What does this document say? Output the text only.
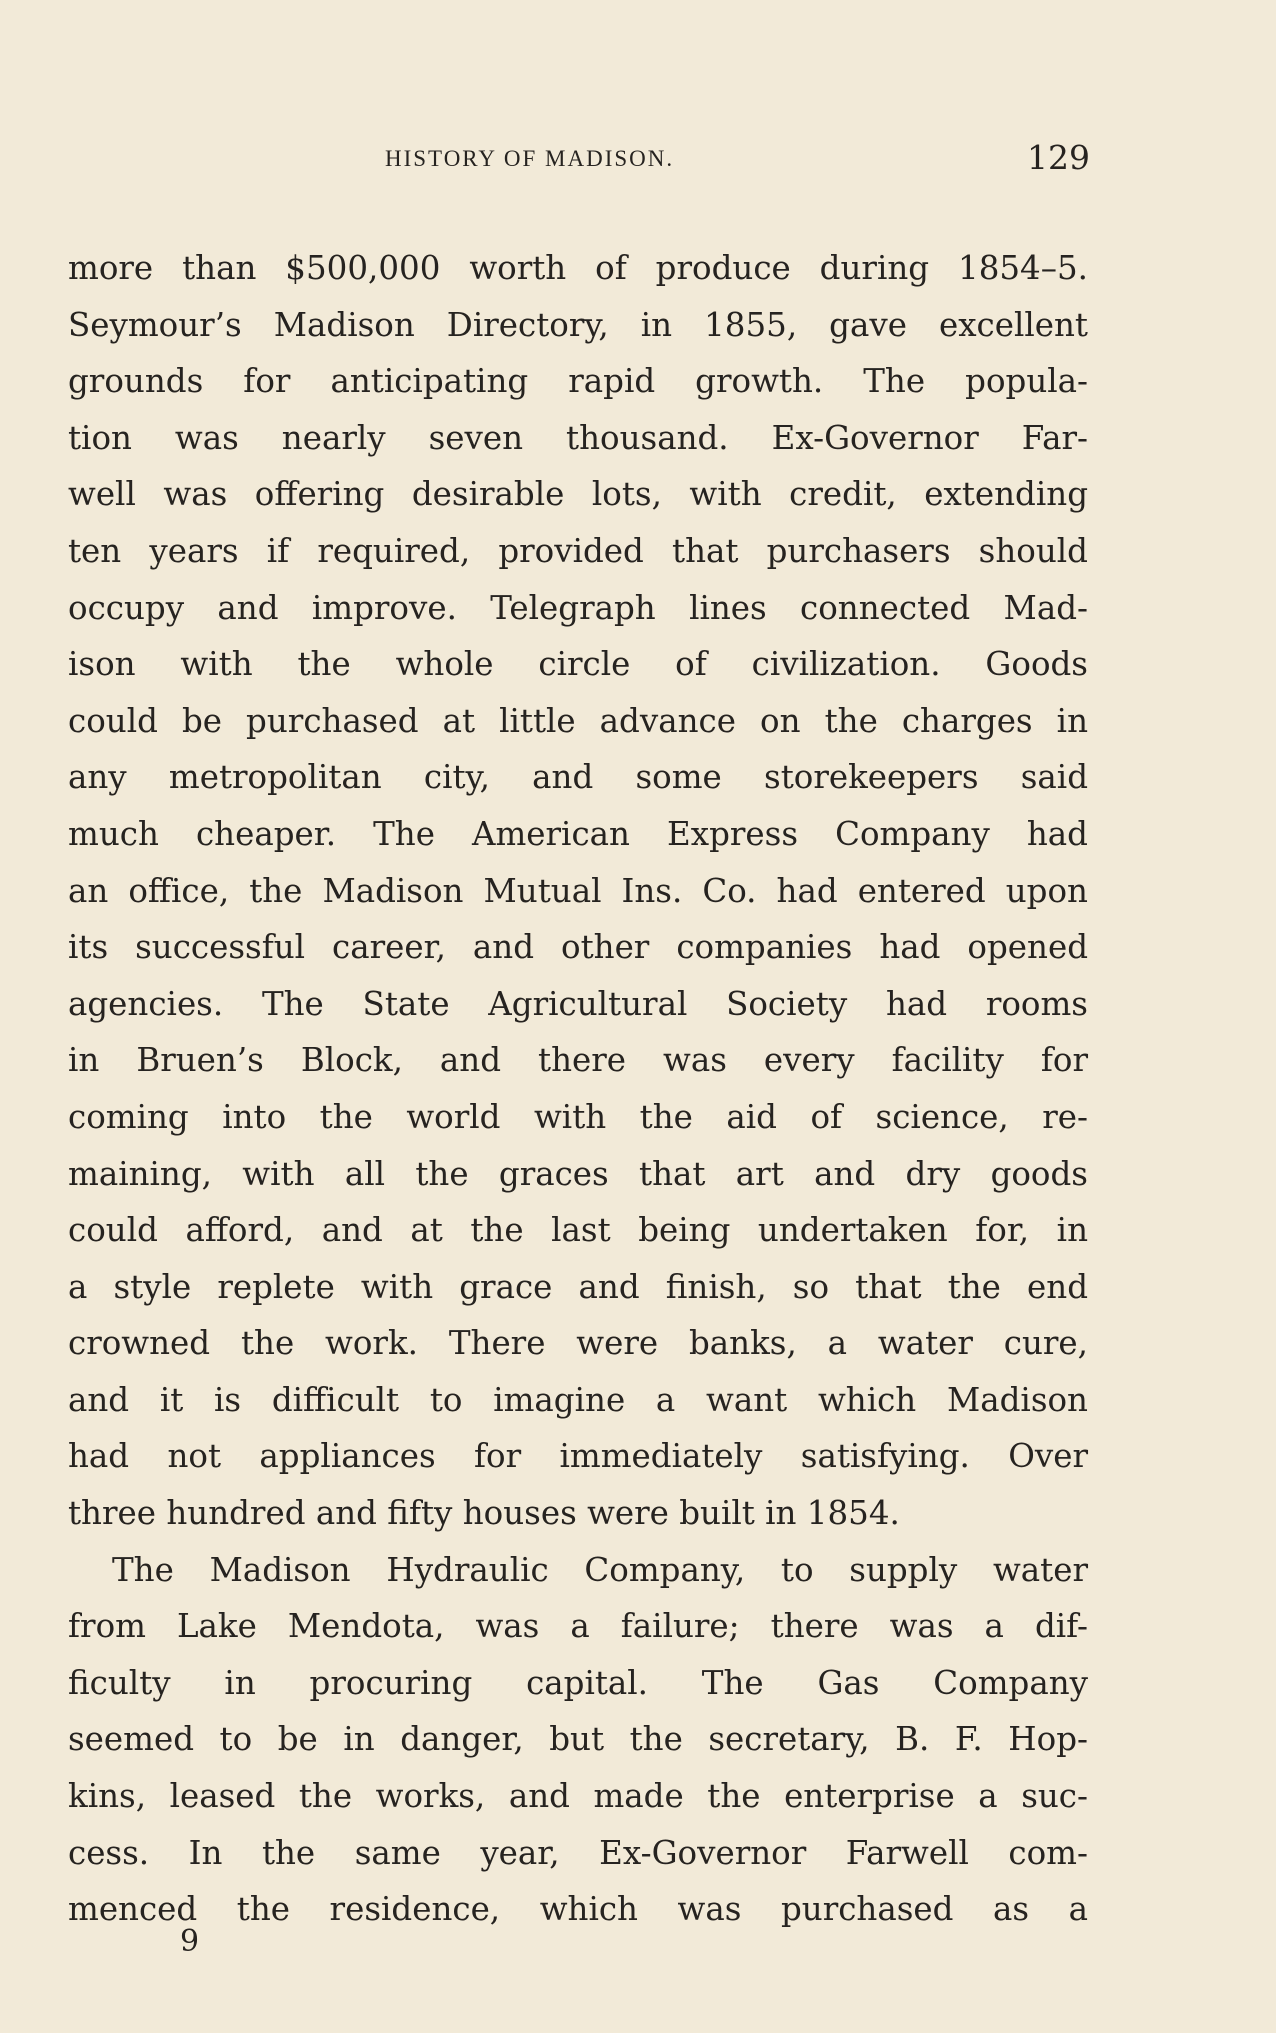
HISTORY OF MADISON.	129
more than $500,000 worth of produce during 1854–5.
Seymour’s Madison Directory, in 1855, gave excellent
grounds for anticipating rapid growth. The popula-
tion was nearly seven thousand. Ex-Governor Far-
well was offering desirable lots, with credit, extending
ten years if required, provided that purchasers should
occupy and improve. Telegraph lines connected Mad-
ison with the whole circle of civilization. Goods
could be purchased at little advance on the charges in
any metropolitan city, and some storekeepers said
much cheaper. The American Express Company had
an office, the Madison Mutual Ins. Co. had entered upon
its successful career, and other companies had opened
agencies. The State Agricultural Society had rooms
in Bruen’s Block, and there was every facility for
coming into the world with the aid of science, re-
maining, with all the graces that art and dry goods
could afford, and at the last being undertaken for, in
a style replete with grace and finish, so that the end
crowned the work. There were banks, a water cure,
and it is difficult to imagine a want which Madison
had not appliances for immediately satisfying. Over
three hundred and fifty houses were built in 1854.
The Madison Hydraulic Company, to supply water
from Lake Mendota, was a failure; there was a dif-
ficulty in procuring capital. The Gas Company
seemed to be in danger, but the secretary, B. F. Hop-
kins, leased the works, and made the enterprise a suc-
cess. In the same year, Ex-Governor Farwell com-
menced the residence, which was purchased as a
9
